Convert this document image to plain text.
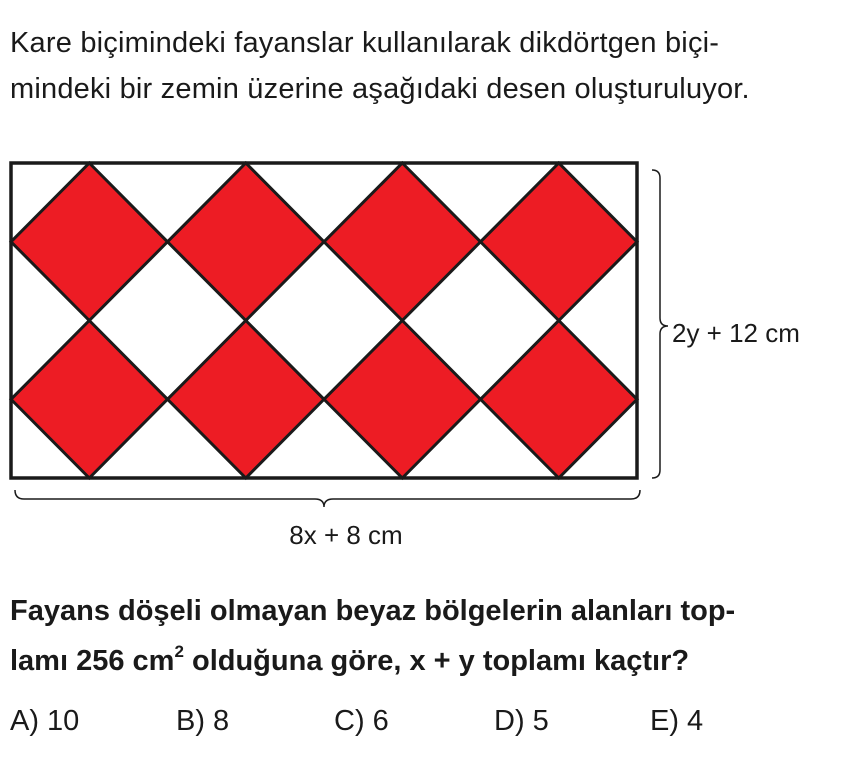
Kare biçimindeki fayanslar kullanılarak dikdörtgen biçi-
mindeki bir zemin üzerine aşağıdaki desen oluşturuluyor.
2y + 12 cm
8x + 8 cm
Fayans döşeli olmayan beyaz bölgelerin alanları top-
lamı 256 $cm^2$ olduğuna göre, x + y toplamı kaçtır?
A) 10	B) 8	C) 6	D) 5	E) 4
